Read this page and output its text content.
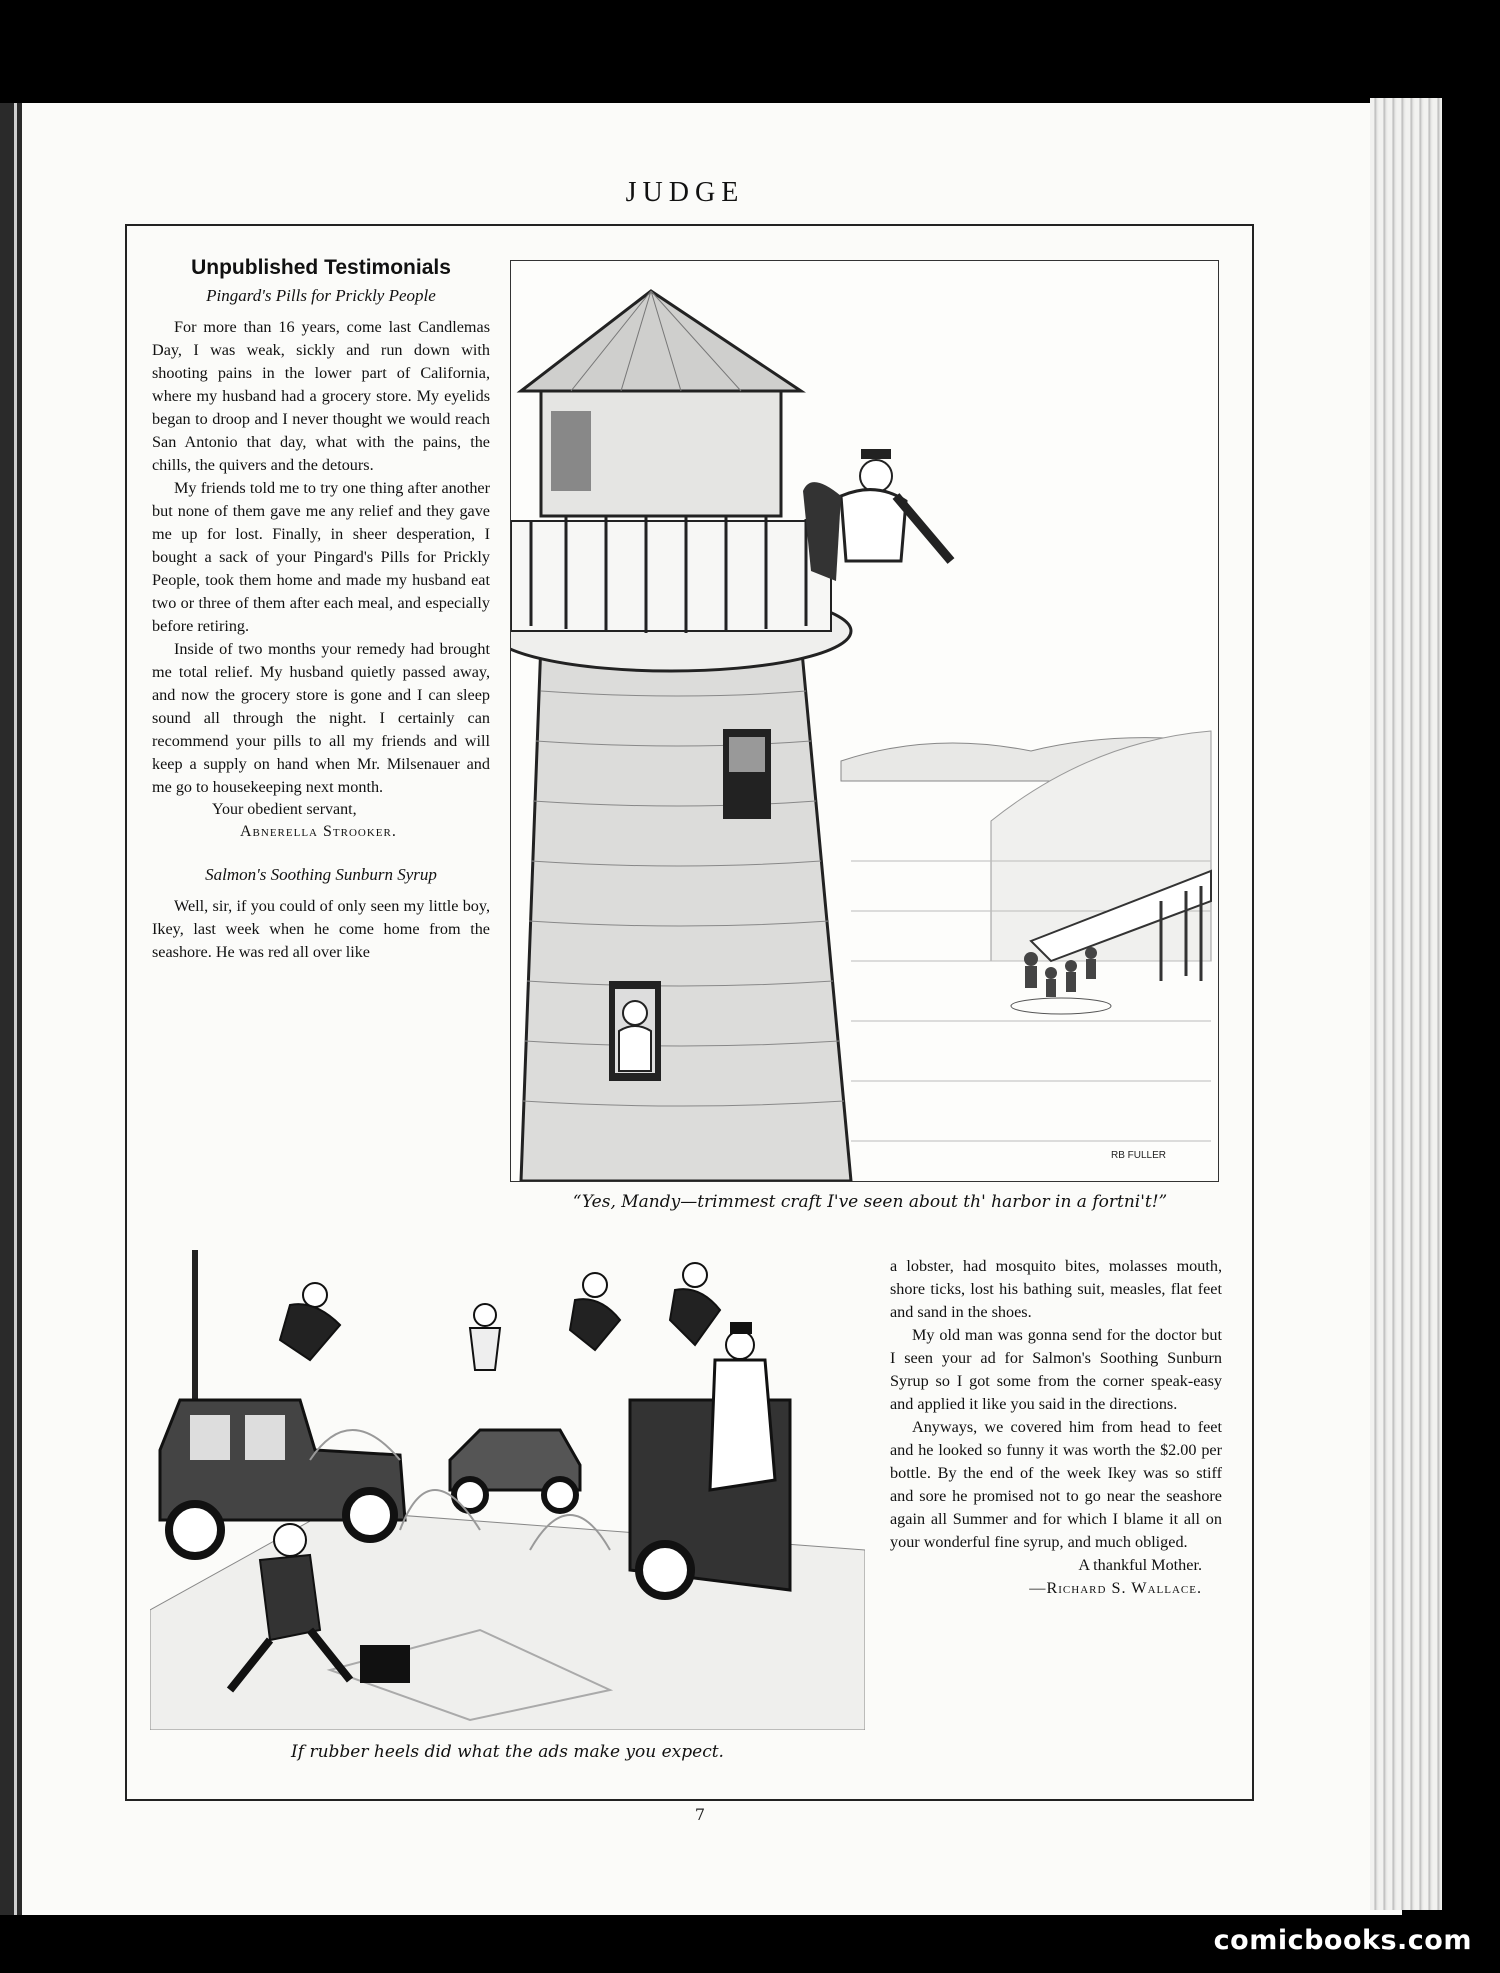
JUDGE
Unpublished Testimonials
Pingard's Pills for Prickly People

For more than 16 years, come last Candlemas Day, I was weak, sickly and run down with shooting pains in the lower part of California, where my husband had a grocery store. My eyelids began to droop and I never thought we would reach San Antonio that day, what with the pains, the chills, the quivers and the detours.

My friends told me to try one thing after another but none of them gave me any relief and they gave me up for lost. Finally, in sheer desperation, I bought a sack of your Pingard's Pills for Prickly People, took them home and made my husband eat two or three of them after each meal, and especially before retiring.

Inside of two months your remedy had brought me total relief. My husband quietly passed away, and now the grocery store is gone and I can sleep sound all through the night. I certainly can recommend your pills to all my friends and will keep a supply on hand when Mr. Milsenauer and me go to housekeeping next month.

Your obedient servant,
Abnerella Strooker.
Salmon's Soothing Sunburn Syrup

Well, sir, if you could of only seen my little boy, Ikey, last week when he come home from the seashore. He was red all over like

RB FULLER
“Yes, Mandy—trimmest craft I've seen about th' harbor in a fortni't!”
If rubber heels did what the ads make you expect.

a lobster, had mosquito bites, molasses mouth, shore ticks, lost his bathing suit, measles, flat feet and sand in the shoes.

My old man was gonna send for the doctor but I seen your ad for Salmon's Soothing Sunburn Syrup so I got some from the corner speak-easy and applied it like you said in the directions.

Anyways, we covered him from head to feet and he looked so funny it was worth the $2.00 per bottle. By the end of the week Ikey was so stiff and sore he promised not to go near the seashore again all Summer and for which I blame it all on your wonderful fine syrup, and much obliged.

A thankful Mother.
—Richard S. Wallace.
7
comicbooks.com
